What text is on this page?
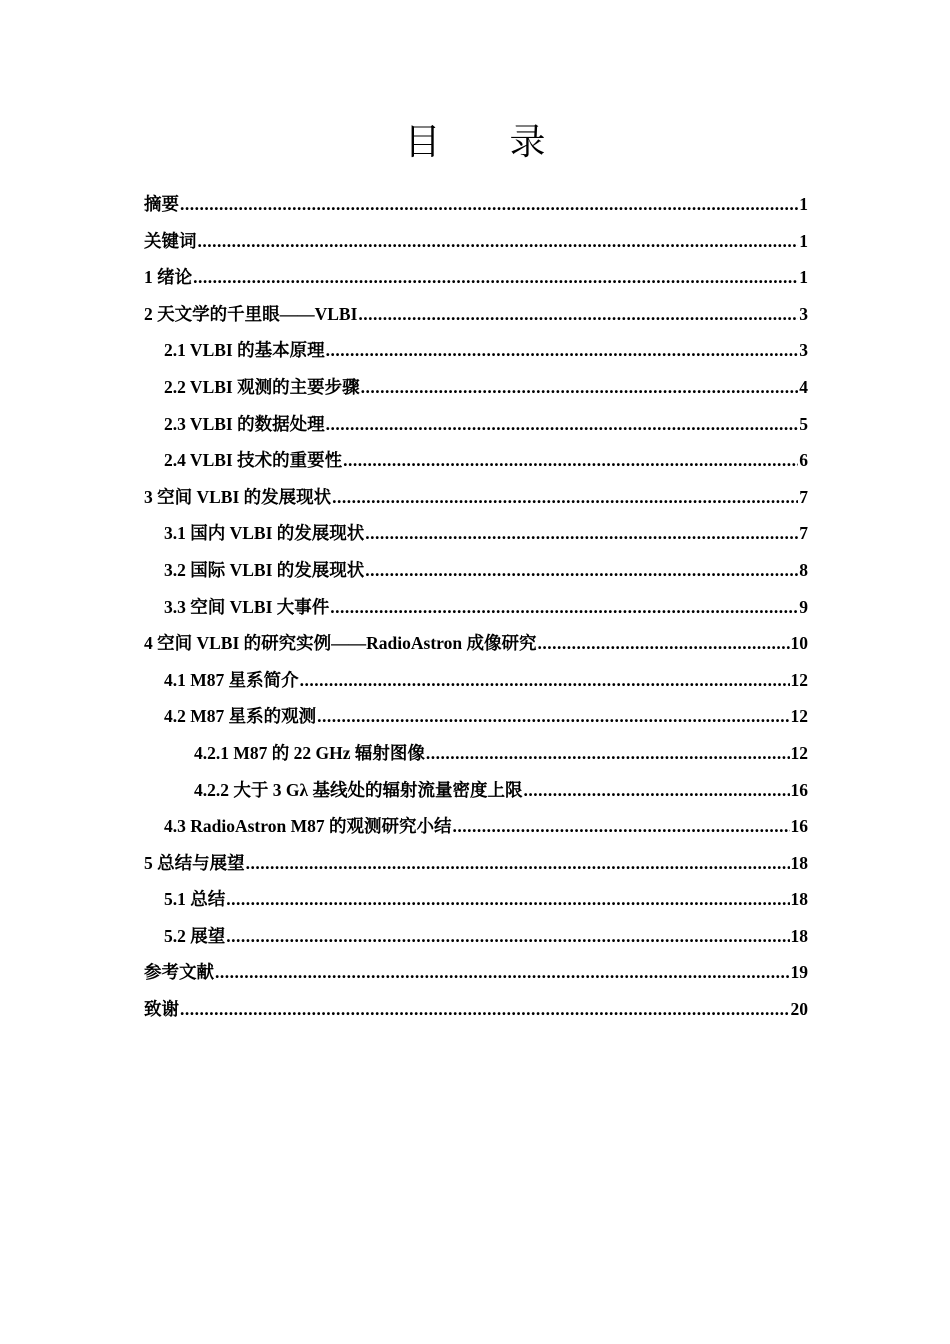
目 录
摘要 .....	1
关键词 .....	1
1 绪论 .....	1
2 天文学的千里眼——VLBI .....	3
2.1 VLBI 的基本原理 .....	3
2.2 VLBI 观测的主要步骤 .....	4
2.3 VLBI 的数据处理 .....	5
2.4 VLBI 技术的重要性 .....	6
3 空间 VLBI 的发展现状 .....	7
3.1 国内 VLBI 的发展现状 .....	7
3.2 国际 VLBI 的发展现状 .....	8
3.3 空间 VLBI 大事件 .....	9
4 空间 VLBI 的研究实例——RadioAstron 成像研究 .....	10
4.1 M87 星系简介 .....	12
4.2 M87 星系的观测 .....	12
4.2.1 M87 的 22 GHz 辐射图像 .....	12
4.2.2 大于 3 Gλ 基线处的辐射流量密度上限 .....	16
4.3 RadioAstron M87 的观测研究小结 .....	16
5 总结与展望 .....	18
5.1 总结 .....	18
5.2 展望 .....	18
参考文献 .....	19
致谢 .....	20
